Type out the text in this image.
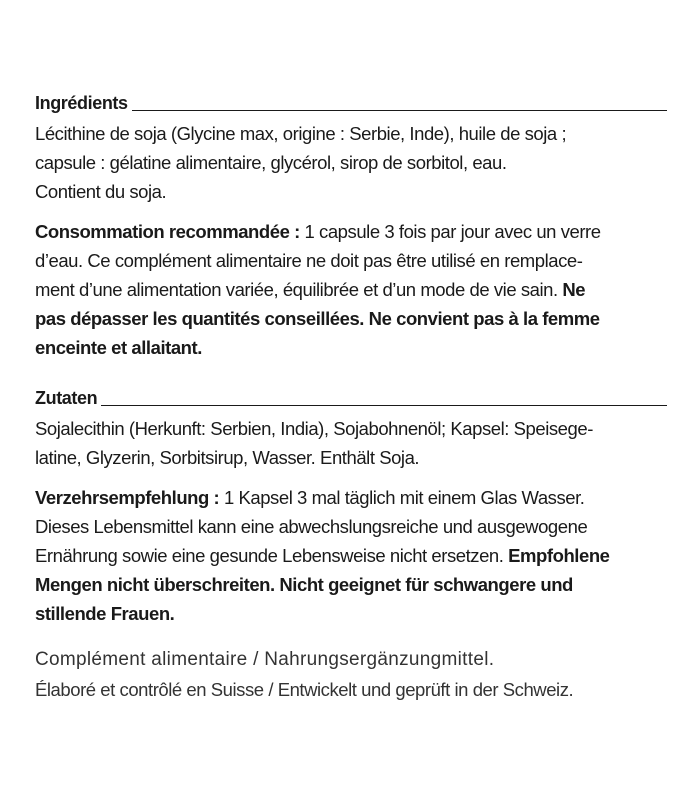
Ingrédients

Lécithine de soja (Glycine max, origine : Serbie, Inde), huile de soja ;
capsule : gélatine alimentaire, glycérol, sirop de sorbitol, eau.
Contient du soja.

Consommation recommandée : 1 capsule 3 fois par jour avec un verre
d’eau. Ce complément alimentaire ne doit pas être utilisé en remplace-
ment d’une alimentation variée, équilibrée et d’un mode de vie sain. Ne
pas dépasser les quantités conseillées. Ne convient pas à la femme
enceinte et allaitant.

Zutaten

Sojalecithin (Herkunft: Serbien, India), Sojabohnenöl; Kapsel: Speisege-
latine, Glyzerin, Sorbitsirup, Wasser. Enthält Soja.

Verzehrsempfehlung : 1 Kapsel 3 mal täglich mit einem Glas Wasser.
Dieses Lebensmittel kann eine abwechslungsreiche und ausgewogene
Ernährung sowie eine gesunde Lebensweise nicht ersetzen. Empfohlene
Mengen nicht überschreiten. Nicht geeignet für schwangere und
stillende Frauen.

Complément alimentaire / Nahrungsergänzungmittel.
Élaboré et contrôlé en Suisse / Entwickelt und geprüft in der Schweiz.
